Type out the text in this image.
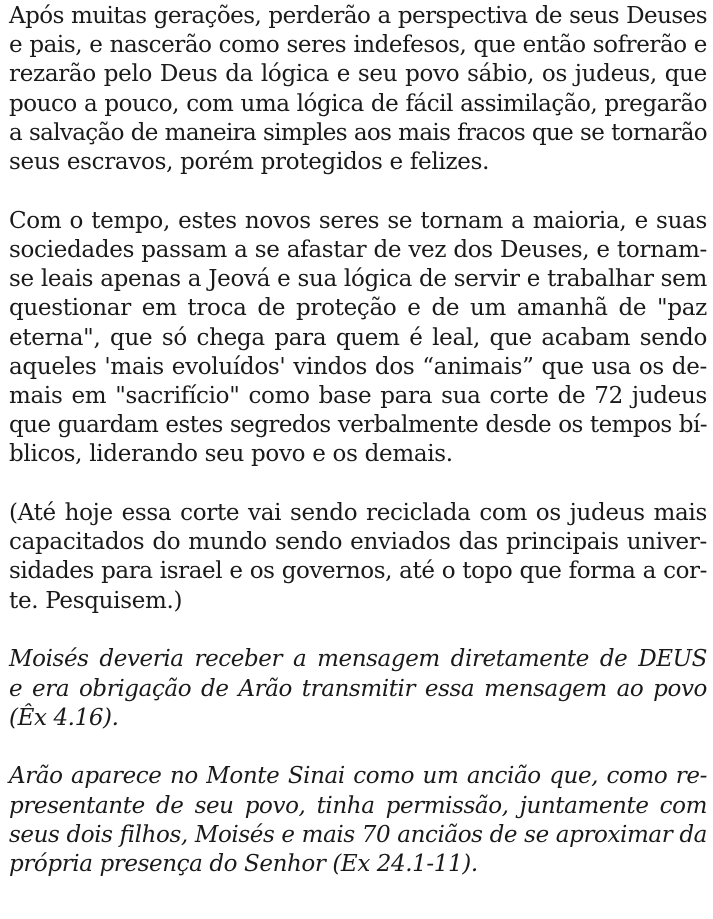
Após muitas gerações, perderão a perspectiva de seus Deuses
e pais, e nascerão como seres indefesos, que então sofrerão e
rezarão pelo Deus da lógica e seu povo sábio, os judeus, que
pouco a pouco, com uma lógica de fácil assimilação, pregarão
a salvação de maneira simples aos mais fracos que se tornarão
seus escravos, porém protegidos e felizes.
Com o tempo, estes novos seres se tornam a maioria, e suas
sociedades passam a se afastar de vez dos Deuses, e tornam-
se leais apenas a Jeová e sua lógica de servir e trabalhar sem
questionar em troca de proteção e de um amanhã de "paz
eterna", que só chega para quem é leal, que acabam sendo
aqueles 'mais evoluídos' vindos dos “animais” que usa os de-
mais em "sacrifício" como base para sua corte de 72 judeus
que guardam estes segredos verbalmente desde os tempos bí-
blicos, liderando seu povo e os demais.
(Até hoje essa corte vai sendo reciclada com os judeus mais
capacitados do mundo sendo enviados das principais univer-
sidades para israel e os governos, até o topo que forma a cor-
te. Pesquisem.)
Moisés deveria receber a mensagem diretamente de DEUS
e era obrigação de Arão transmitir essa mensagem ao povo
(Êx 4.16).
Arão aparece no Monte Sinai como um ancião que, como re-
presentante de seu povo, tinha permissão, juntamente com
seus dois filhos, Moisés e mais 70 anciãos de se aproximar da
própria presença do Senhor (Ex 24.1-11).
